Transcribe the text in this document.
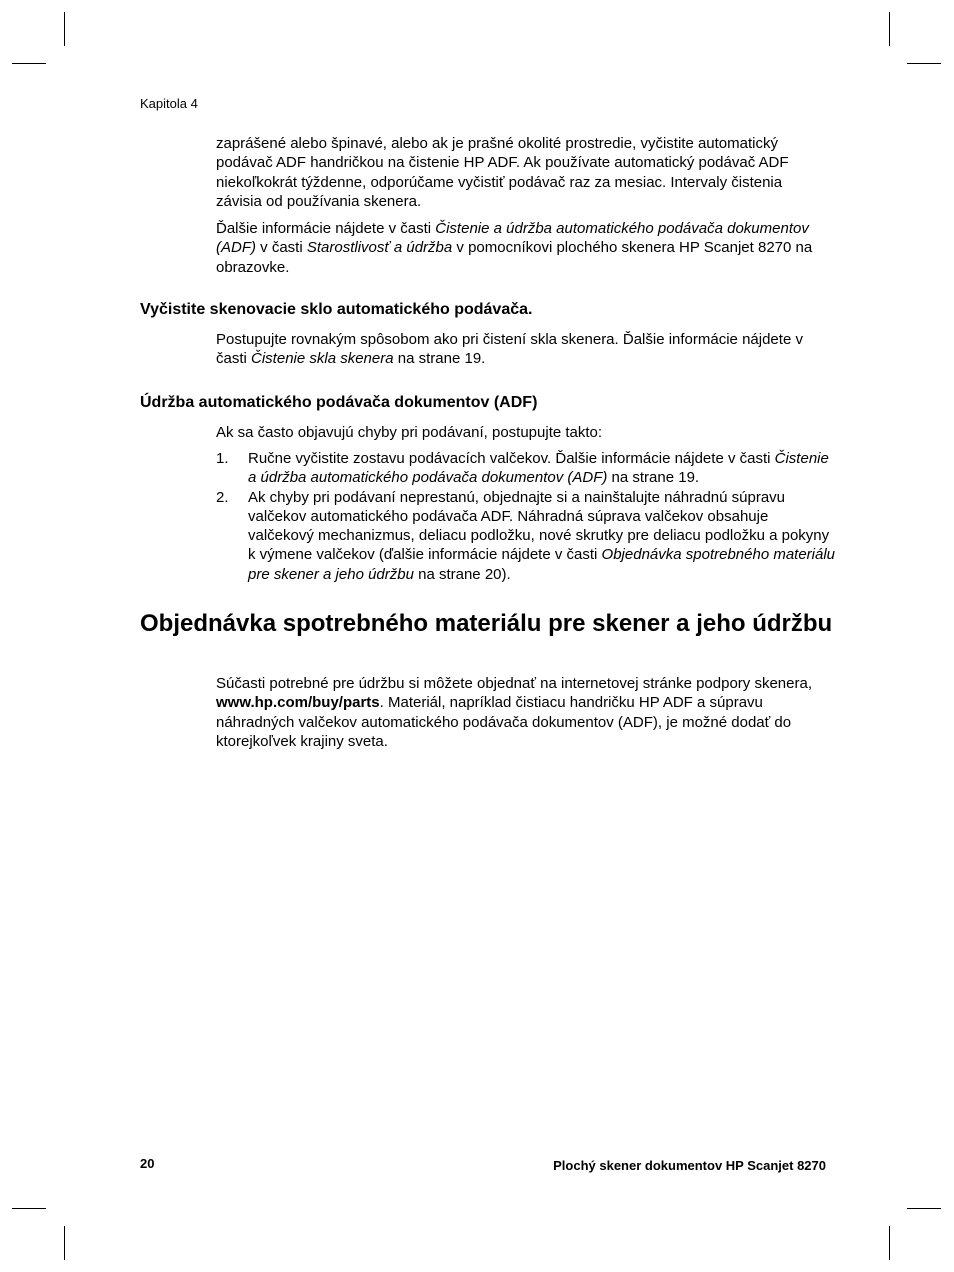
Kapitola 4

zaprášené alebo špinavé, alebo ak je prašné okolité prostredie, vyčistite automatický podávač ADF handričkou na čistenie HP ADF. Ak používate automatický podávač ADF niekoľkokrát týždenne, odporúčame vyčistiť podávač raz za mesiac. Intervaly čistenia závisia od používania skenera.

Ďalšie informácie nájdete v časti Čistenie a údržba automatického podávača dokumentov (ADF) v časti Starostlivosť a údržba v pomocníkovi plochého skenera HP Scanjet 8270 na obrazovke.

Vyčistite skenovacie sklo automatického podávača.

Postupujte rovnakým spôsobom ako pri čistení skla skenera. Ďalšie informácie nájdete v časti Čistenie skla skenera na strane 19.

Údržba automatického podávača dokumentov (ADF)

Ak sa často objavujú chyby pri podávaní, postupujte takto:

1. Ručne vyčistite zostavu podávacích valčekov. Ďalšie informácie nájdete v časti Čistenie a údržba automatického podávača dokumentov (ADF) na strane 19.
2. Ak chyby pri podávaní neprestanú, objednajte si a nainštalujte náhradnú súpravu valčekov automatického podávača ADF. Náhradná súprava valčekov obsahuje valčekový mechanizmus, deliacu podložku, nové skrutky pre deliacu podložku a pokyny k výmene valčekov (ďalšie informácie nájdete v časti Objednávka spotrebného materiálu pre skener a jeho údržbu na strane 20).
Objednávka spotrebného materiálu pre skener a jeho údržbu

Súčasti potrebné pre údržbu si môžete objednať na internetovej stránke podpory skenera, www.hp.com/buy/parts. Materiál, napríklad čistiacu handričku HP ADF a súpravu náhradných valčekov automatického podávača dokumentov (ADF), je možné dodať do ktorejkoľvek krajiny sveta.

20	Plochý skener dokumentov HP Scanjet 8270
